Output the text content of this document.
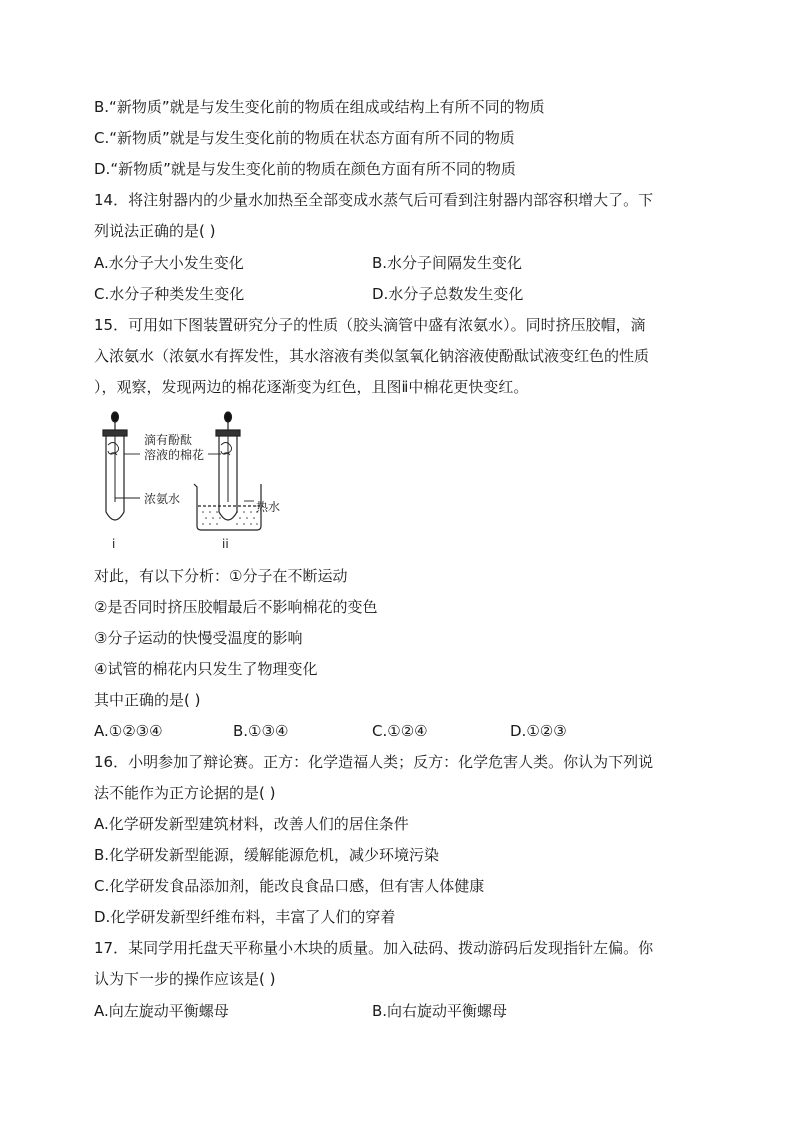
B.“新物质”就是与发生变化前的物质在组成或结构上有所不同的物质
C.“新物质”就是与发生变化前的物质在状态方面有所不同的物质
D.“新物质”就是与发生变化前的物质在颜色方面有所不同的物质
14．将注射器内的少量水加热至全部变成水蒸气后可看到注射器内部容积增大了。下
列说法正确的是( )
A.水分子大小发生变化	B.水分子间隔发生变化
C.水分子种类发生变化	D.水分子总数发生变化
15．可用如下图装置研究分子的性质（胶头滴管中盛有浓氨水）。同时挤压胶帽，滴
入浓氨水（浓氨水有挥发性，其水溶液有类似氢氧化钠溶液使酚酞试液变红色的性质
），观察，发现两边的棉花逐渐变为红色，且图ⅱ中棉花更快变红。
滴有酚酞
溶液的棉花
浓氨水
热水
i	ii
对此，有以下分析：①分子在不断运动
②是否同时挤压胶帽最后不影响棉花的变色
③分子运动的快慢受温度的影响
④试管的棉花内只发生了物理变化
其中正确的是( )
A.①②③④	B.①③④	C.①②④	D.①②③
16．小明参加了辩论赛。正方：化学造福人类；反方：化学危害人类。你认为下列说
法不能作为正方论据的是( )
A.化学研发新型建筑材料，改善人们的居住条件
B.化学研发新型能源，缓解能源危机，减少环境污染
C.化学研发食品添加剂，能改良食品口感，但有害人体健康
D.化学研发新型纤维布料，丰富了人们的穿着
17．某同学用托盘天平称量小木块的质量。加入砝码、拨动游码后发现指针左偏。你
认为下一步的操作应该是( )
A.向左旋动平衡螺母	B.向右旋动平衡螺母
